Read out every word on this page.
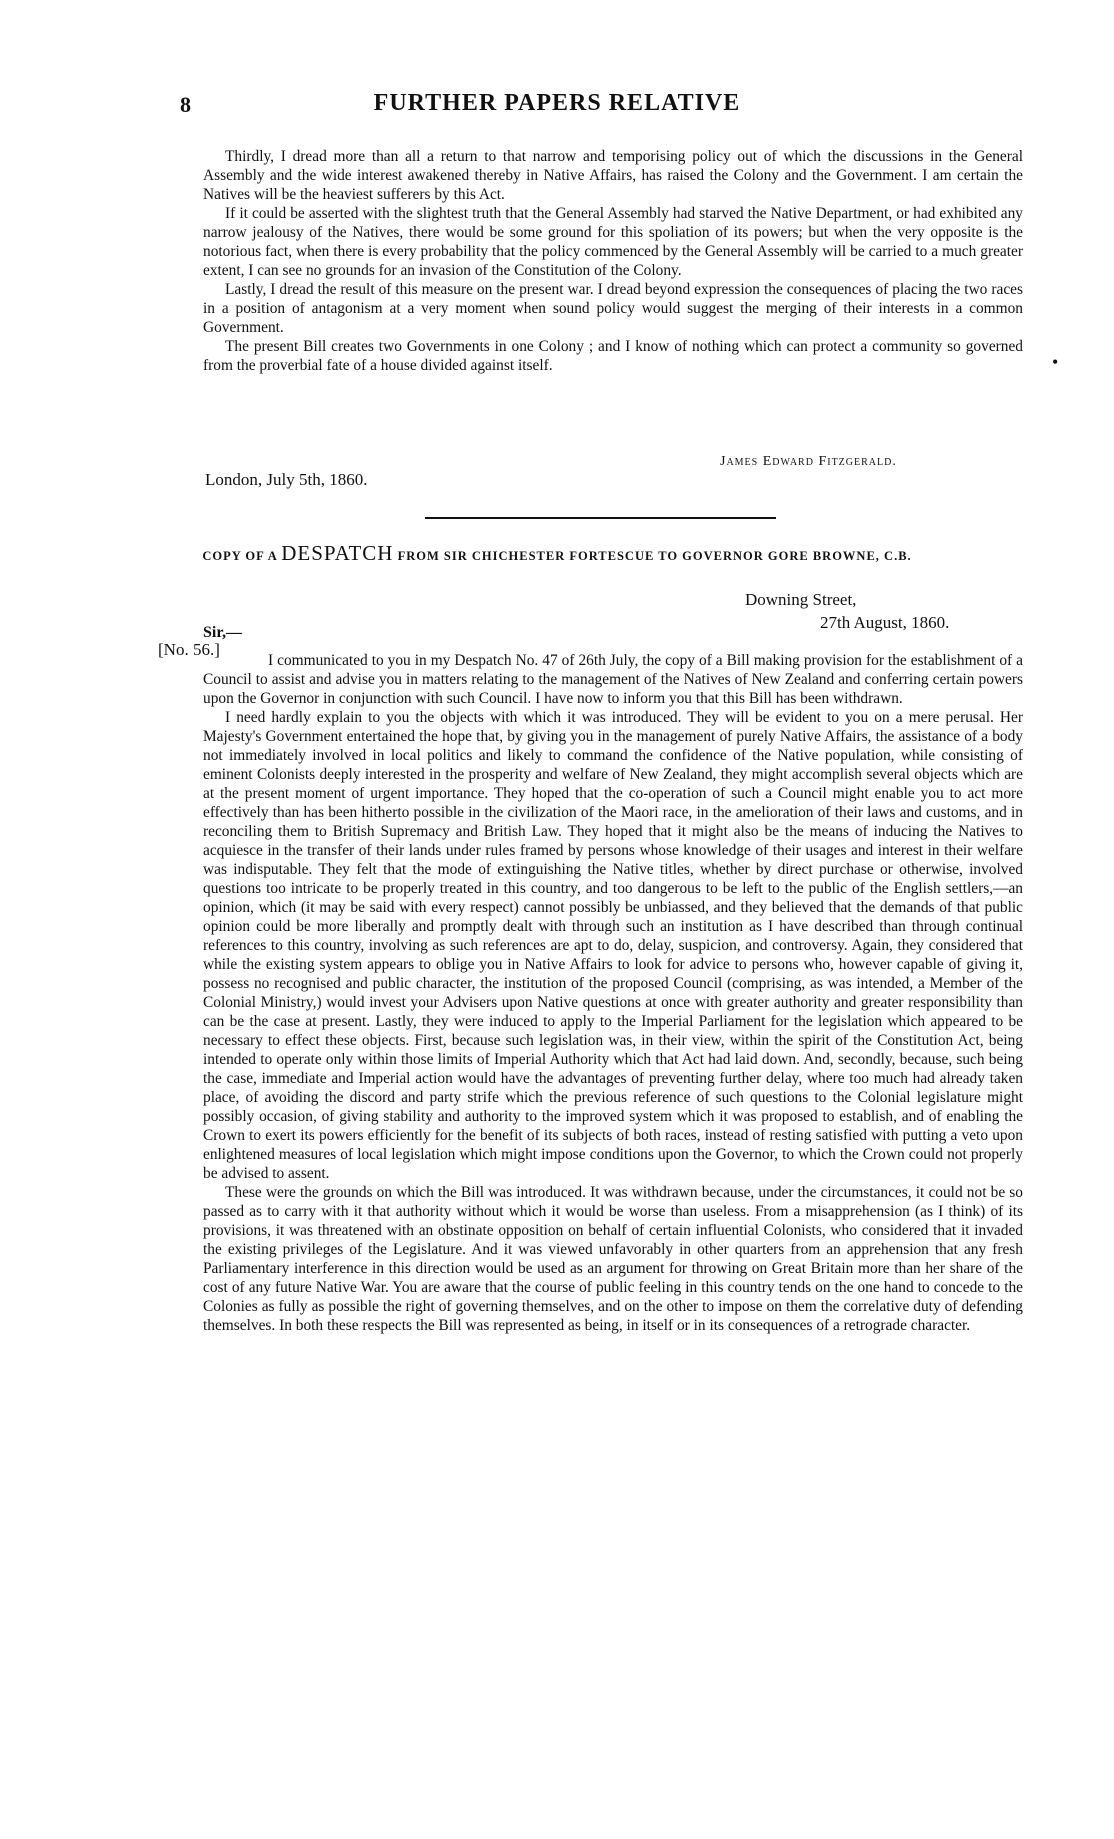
8	FURTHER PAPERS RELATIVE

Thirdly, I dread more than all a return to that narrow and temporising policy out of which the discussions in the General Assembly and the wide interest awakened thereby in Native Affairs, has raised the Colony and the Government. I am certain the Natives will be the heaviest sufferers by this Act.

If it could be asserted with the slightest truth that the General Assembly had starved the Native Department, or had exhibited any narrow jealousy of the Natives, there would be some ground for this spoliation of its powers; but when the very opposite is the notorious fact, when there is every probability that the policy commenced by the General Assembly will be carried to a much greater extent, I can see no grounds for an invasion of the Constitution of the Colony.

Lastly, I dread the result of this measure on the present war. I dread beyond expression the consequences of placing the two races in a position of antagonism at a very moment when sound policy would suggest the merging of their interests in a common Government.

The present Bill creates two Governments in one Colony ; and I know of nothing which can protect a community so governed from the proverbial fate of a house divided against itself.	•
James Edward Fitzgerald.
London, July 5th, 1860.
COPY OF A DESPATCH FROM SIR CHICHESTER FORTESCUE TO GOVERNOR GORE BROWNE, C.B.
Downing Street,
27th August, 1860.
[No. 56.]
Sir,—

I communicated to you in my Despatch No. 47 of 26th July, the copy of a Bill making provision for the establishment of a Council to assist and advise you in matters relating to the management of the Natives of New Zealand and conferring certain powers upon the Governor in conjunction with such Council. I have now to inform you that this Bill has been withdrawn.

I need hardly explain to you the objects with which it was introduced. They will be evident to you on a mere perusal. Her Majesty's Government entertained the hope that, by giving you in the management of purely Native Affairs, the assistance of a body not immediately involved in local politics and likely to command the confidence of the Native population, while consisting of eminent Colonists deeply interested in the prosperity and welfare of New Zealand, they might accomplish several objects which are at the present moment of urgent importance. They hoped that the co-operation of such a Council might enable you to act more effectively than has been hitherto possible in the civilization of the Maori race, in the amelioration of their laws and customs, and in reconciling them to British Supremacy and British Law. They hoped that it might also be the means of inducing the Natives to acquiesce in the transfer of their lands under rules framed by persons whose knowledge of their usages and interest in their welfare was indisputable. They felt that the mode of extinguishing the Native titles, whether by direct purchase or otherwise, involved questions too intricate to be properly treated in this country, and too dangerous to be left to the public of the English settlers,—an opinion, which (it may be said with every respect) cannot possibly be unbiassed, and they believed that the demands of that public opinion could be more liberally and promptly dealt with through such an institution as I have described than through continual references to this country, involving as such references are apt to do, delay, suspicion, and controversy. Again, they considered that while the existing system appears to oblige you in Native Affairs to look for advice to persons who, however capable of giving it, possess no recognised and public character, the institution of the proposed Council (comprising, as was intended, a Member of the Colonial Ministry,) would invest your Advisers upon Native questions at once with greater authority and greater responsibility than can be the case at present. Lastly, they were induced to apply to the Imperial Parliament for the legislation which appeared to be necessary to effect these objects. First, because such legislation was, in their view, within the spirit of the Constitution Act, being intended to operate only within those limits of Imperial Authority which that Act had laid down. And, secondly, because, such being the case, immediate and Imperial action would have the advantages of preventing further delay, where too much had already taken place, of avoiding the discord and party strife which the previous reference of such questions to the Colonial legislature might possibly occasion, of giving stability and authority to the improved system which it was proposed to establish, and of enabling the Crown to exert its powers efficiently for the benefit of its subjects of both races, instead of resting satisfied with putting a veto upon enlightened measures of local legislation which might impose conditions upon the Governor, to which the Crown could not properly be advised to assent.

These were the grounds on which the Bill was introduced. It was withdrawn because, under the circumstances, it could not be so passed as to carry with it that authority without which it would be worse than useless. From a misapprehension (as I think) of its provisions, it was threatened with an obstinate opposition on behalf of certain influential Colonists, who considered that it invaded the existing privileges of the Legislature. And it was viewed unfavorably in other quarters from an apprehension that any fresh Parliamentary interference in this direction would be used as an argument for throwing on Great Britain more than her share of the cost of any future Native War. You are aware that the course of public feeling in this country tends on the one hand to concede to the Colonies as fully as possible the right of governing themselves, and on the other to impose on them the correlative duty of defending themselves. In both these respects the Bill was represented as being, in itself or in its consequences of a retrograde character.
